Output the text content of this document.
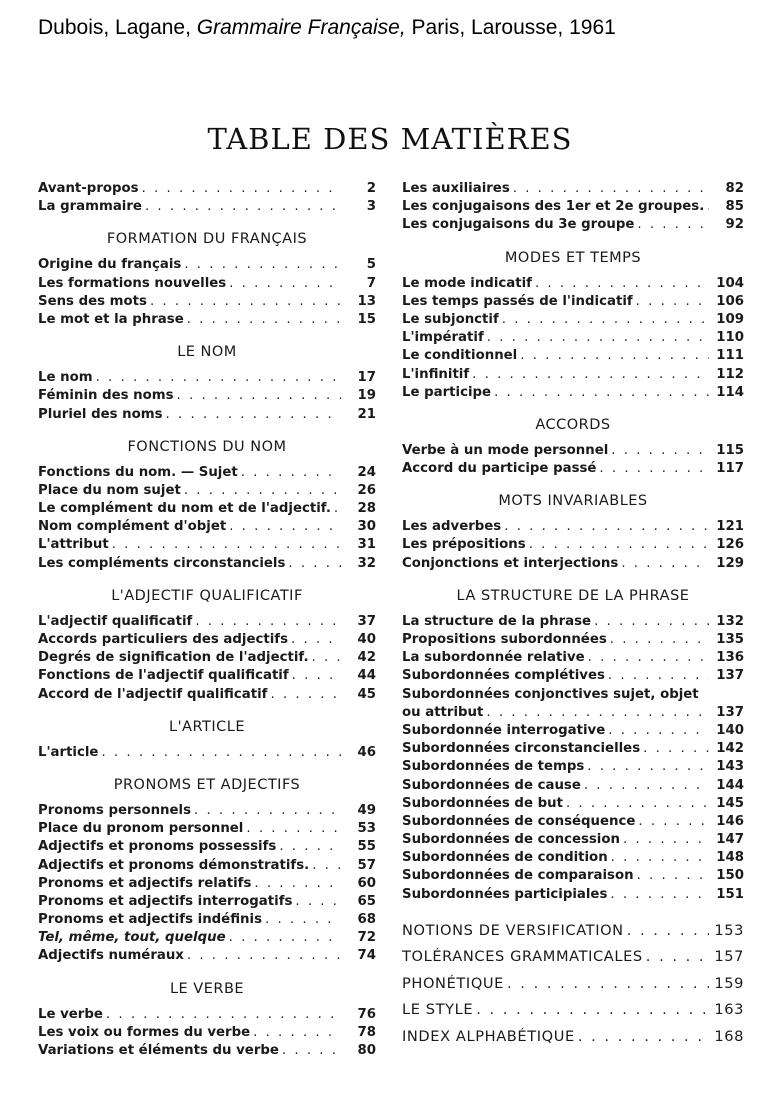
Dubois, Lagane, Grammaire Française, Paris, Larousse, 1961
TABLE DES MATIÈRES
Avant-propos . . .	2
La grammaire . . .	3
FORMATION DU FRANÇAIS
Origine du français . . .	5
Les formations nouvelles . . .	7
Sens des mots . . .	13
Le mot et la phrase . . .	15
LE NOM
Le nom . . .	17
Féminin des noms . . .	19
Pluriel des noms . . .	21
FONCTIONS DU NOM
Fonctions du nom. — Sujet . . .	24
Place du nom sujet . . .	26
Le complément du nom et de l'adjectif. . . .	28
Nom complément d'objet . . .	30
L'attribut . . .	31
Les compléments circonstanciels . . .	32
L'ADJECTIF QUALIFICATIF
L'adjectif qualificatif . . .	37
Accords particuliers des adjectifs . . .	40
Degrés de signification de l'adjectif. . . .	42
Fonctions de l'adjectif qualificatif . . .	44
Accord de l'adjectif qualificatif . . .	45
L'ARTICLE
L'article . . .	46
PRONOMS ET ADJECTIFS
Pronoms personnels . . .	49
Place du pronom personnel . . .	53
Adjectifs et pronoms possessifs . . .	55
Adjectifs et pronoms démonstratifs. . . .	57
Pronoms et adjectifs relatifs . . .	60
Pronoms et adjectifs interrogatifs . . .	65
Pronoms et adjectifs indéfinis . . .	68
Tel, même, tout, quelque . . .	72
Adjectifs numéraux . . .	74
LE VERBE
Le verbe . . .	76
Les voix ou formes du verbe . . .	78
Variations et éléments du verbe . . .	80
Les auxiliaires . . .	82
Les conjugaisons des 1er et 2e groupes. . . .	85
Les conjugaisons du 3e groupe . . .	92
MODES ET TEMPS
Le mode indicatif . . .	104
Les temps passés de l'indicatif . . .	106
Le subjonctif . . .	109
L'impératif . . .	110
Le conditionnel . . .	111
L'infinitif . . .	112
Le participe . . .	114
ACCORDS
Verbe à un mode personnel . . .	115
Accord du participe passé . . .	117
MOTS INVARIABLES
Les adverbes . . .	121
Les prépositions . . .	126
Conjonctions et interjections . . .	129
LA STRUCTURE DE LA PHRASE
La structure de la phrase . . .	132
Propositions subordonnées . . .	135
La subordonnée relative . . .	136
Subordonnées complétives . . .	137
Subordonnées conjonctives sujet, objet
ou attribut . . .	137
Subordonnée interrogative . . .	140
Subordonnées circonstancielles . . .	142
Subordonnées de temps . . .	143
Subordonnées de cause . . .	144
Subordonnées de but . . .	145
Subordonnées de conséquence . . .	146
Subordonnées de concession . . .	147
Subordonnées de condition . . .	148
Subordonnées de comparaison . . .	150
Subordonnées participiales . . .	151
NOTIONS DE VERSIFICATION . . .	153
TOLÉRANCES GRAMMATICALES . . .	157
PHONÉTIQUE . . .	159
LE STYLE . . .	163
INDEX ALPHABÉTIQUE . . .	168
